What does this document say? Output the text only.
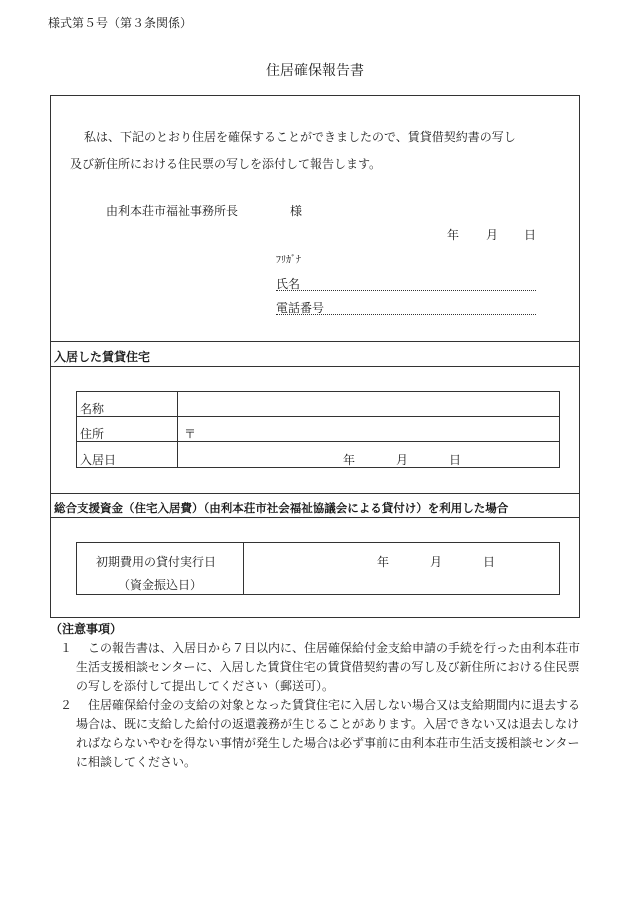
様式第５号（第３条関係）
住居確保報告書
私は、下記のとおり住居を確保することができましたので、賃貸借契約書の写し
及び新住所における住民票の写しを添付して報告します。
由利本荘市福祉事務所長	様
年 月 日
ﾌﾘｶﾞﾅ
氏名
電話番号
入居した賃貸住宅
名称
住所	〒
入居日	年	月	日
総合支援資金（住宅入居費）（由利本荘市社会福祉協議会による貸付け）を利用した場合
初期費用の貸付実行日
（資金振込日）
年	月	日
（注意事項）
１	この報告書は、入居日から７日以内に、住居確保給付金支給申請の手続を行った由利本荘市生活支援相談センターに、入居した賃貸住宅の賃貸借契約書の写し及び新住所における住民票の写しを添付して提出してください（郵送可）。
２	住居確保給付金の支給の対象となった賃貸住宅に入居しない場合又は支給期間内に退去する場合は、既に支給した給付の返還義務が生じることがあります。入居できない又は退去しなければならないやむを得ない事情が発生した場合は必ず事前に由利本荘市生活支援相談センターに相談してください。
